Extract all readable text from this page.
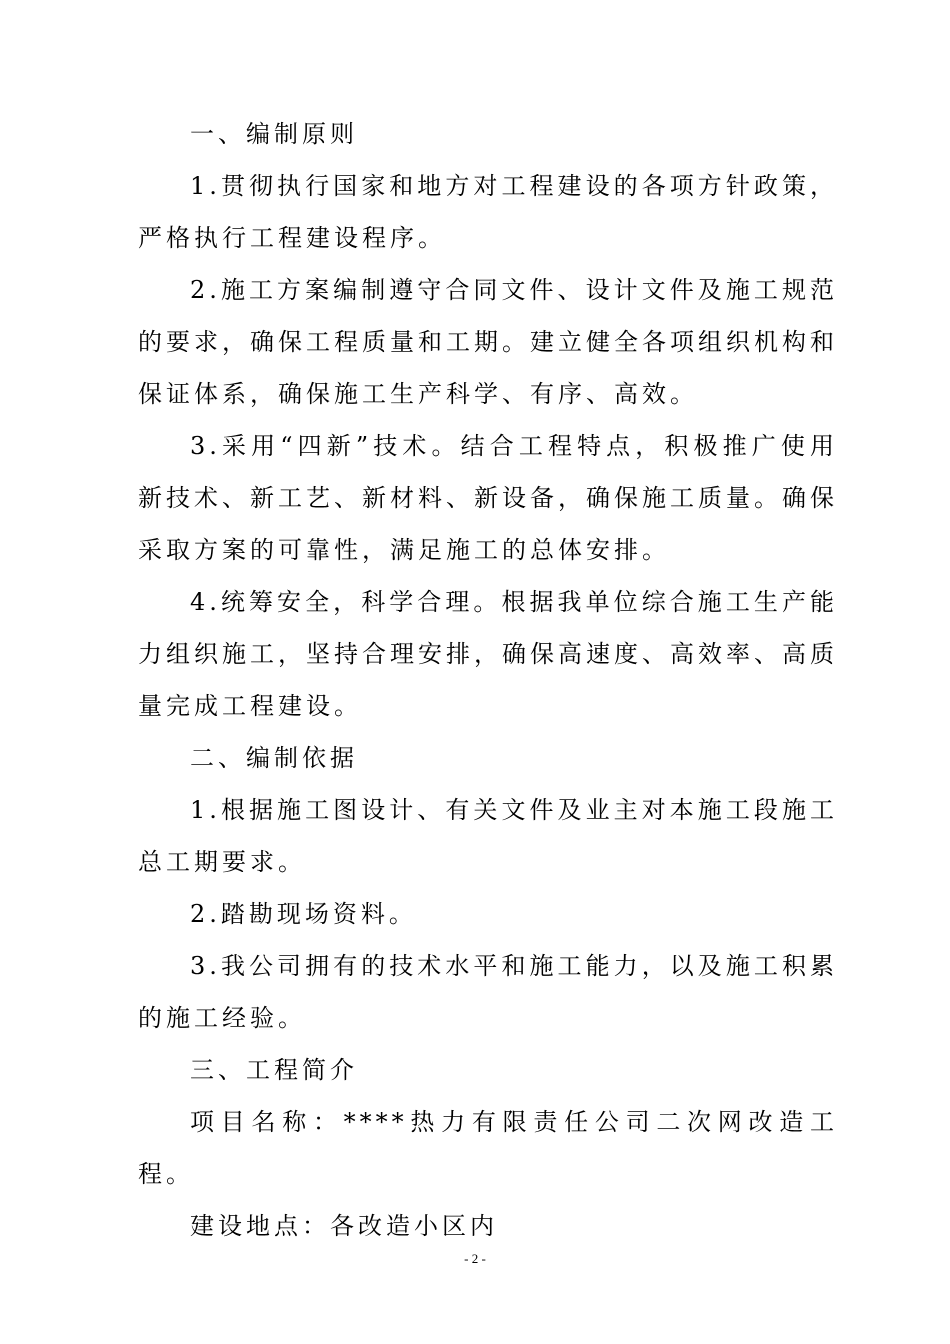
一、编制原则

1.贯彻执行国家和地方对工程建设的各项方针政策，严格执行工程建设程序。

2.施工方案编制遵守合同文件、设计文件及施工规范的要求，确保工程质量和工期。建立健全各项组织机构和保证体系，确保施工生产科学、有序、高效。

3.采用“四新”技术。结合工程特点，积极推广使用新技术、新工艺、新材料、新设备，确保施工质量。确保采取方案的可靠性，满足施工的总体安排。

4.统筹安全，科学合理。根据我单位综合施工生产能力组织施工，坚持合理安排，确保高速度、高效率、高质量完成工程建设。

二、编制依据

1.根据施工图设计、有关文件及业主对本施工段施工总工期要求。

2.踏勘现场资料。

3.我公司拥有的技术水平和施工能力，以及施工积累的施工经验。

三、工程简介

项目名称：****热力有限责任公司二次网改造工程。

建设地点：各改造小区内

- 2 -
